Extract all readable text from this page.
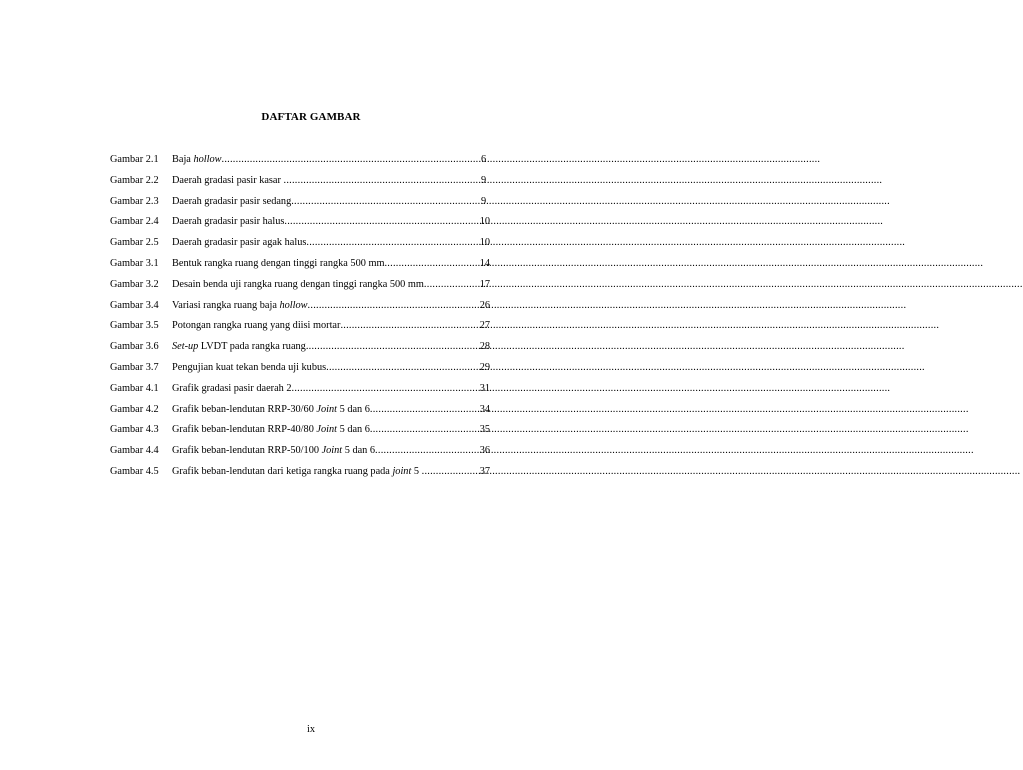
DAFTAR GAMBAR
Gambar 2.1	Baja hollow .....	6
Gambar 2.2	Daerah gradasi pasir kasar .....	9
Gambar 2.3	Daerah gradasir pasir sedang .....	9
Gambar 2.4	Daerah gradasir pasir halus .....	10
Gambar 2.5	Daerah gradasir pasir agak halus .....	10
Gambar 3.1	Bentuk rangka ruang dengan tinggi rangka 500 mm .....	14
Gambar 3.2	Desain benda uji rangka ruang dengan tinggi rangka 500 mm .....	17
Gambar 3.4	Variasi rangka ruang baja hollow .....	26
Gambar 3.5	Potongan rangka ruang yang diisi mortar .....	27
Gambar 3.6	Set-up LVDT pada rangka ruang .....	28
Gambar 3.7	Pengujian kuat tekan benda uji kubus .....	29
Gambar 4.1	Grafik gradasi pasir daerah 2 .....	31
Gambar 4.2	Grafik beban-lendutan RRP-30/60 Joint 5 dan 6 .....	34
Gambar 4.3	Grafik beban-lendutan RRP-40/80 Joint 5 dan 6 .....	35
Gambar 4.4	Grafik beban-lendutan RRP-50/100 Joint 5 dan 6 .....	36
Gambar 4.5	Grafik beban-lendutan dari ketiga rangka ruang pada joint 5 .....	37
ix
